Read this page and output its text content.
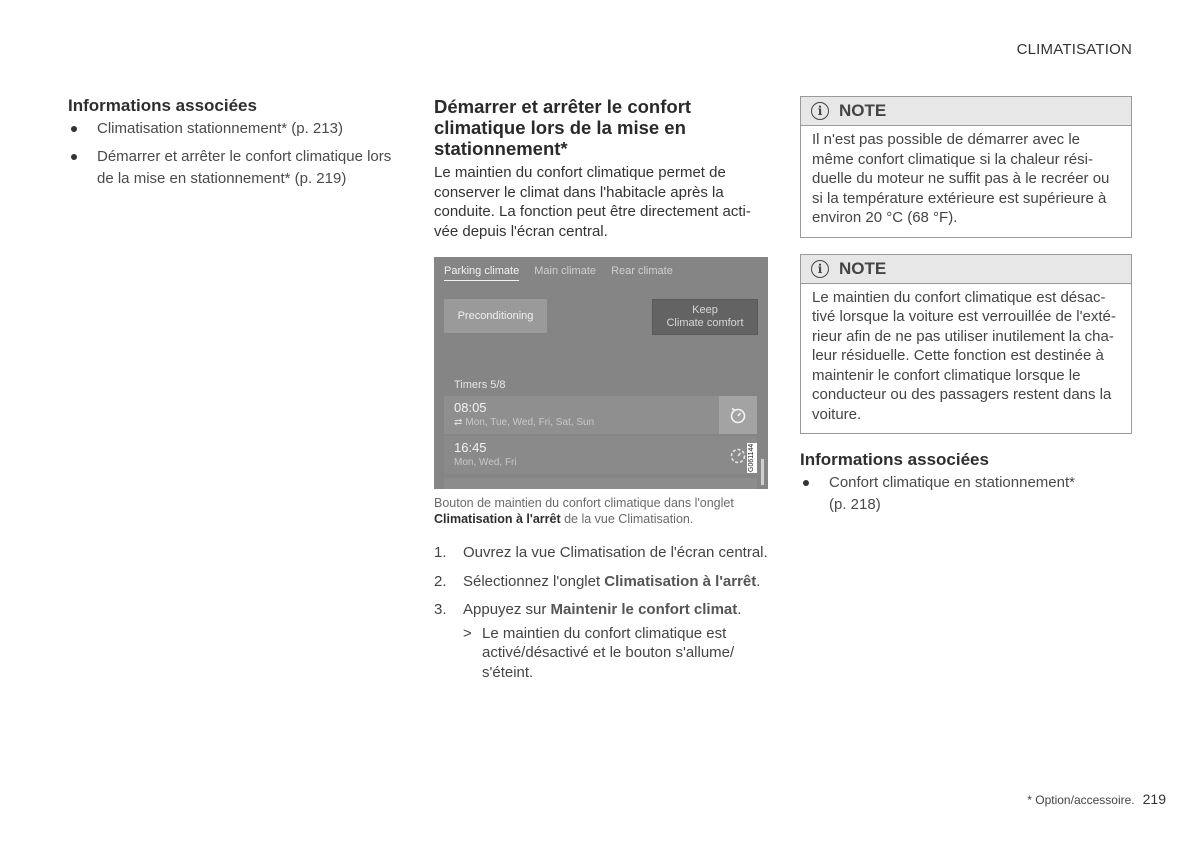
CLIMATISATION
Informations associées
Climatisation stationnement* (p. 213)
Démarrer et arrêter le confort climatique lors de la mise en stationnement* (p. 219)
Démarrer et arrêter le confort climatique lors de la mise en stationnement*

Le maintien du confort climatique permet de conserver le climat dans l'habitacle après la conduite. La fonction peut être directement acti-vée depuis l'écran central.

Parking climate Main climate Rear climate
Preconditioning	Keep
Climate comfort
Timers 5/8
08:05
⇄ Mon, Tue, Wed, Fri, Sat, Sun
16:45
Mon, Wed, Fri	G061144
Bouton de maintien du confort climatique dans l'onglet Climatisation à l'arrêt de la vue Climatisation.
1. Ouvrez la vue Climatisation de l'écran central.
2. Sélectionnez l'onglet Climatisation à l'arrêt.
3. Appuyez sur Maintenir le confort climat.
> Le maintien du confort climatique est activé/désactivé et le bouton s'allume/ s'éteint.
i NOTE
Il n'est pas possible de démarrer avec le même confort climatique si la chaleur rési-duelle du moteur ne suffit pas à le recréer ou si la température extérieure est supérieure à environ 20 °C (68 °F).
i NOTE
Le maintien du confort climatique est désac-tivé lorsque la voiture est verrouillée de l'exté-rieur afin de ne pas utiliser inutilement la cha-leur résiduelle. Cette fonction est destinée à maintenir le confort climatique lorsque le conducteur ou des passagers restent dans la voiture.
Informations associées
Confort climatique en stationnement* (p. 218)
* Option/accessoire. 219
